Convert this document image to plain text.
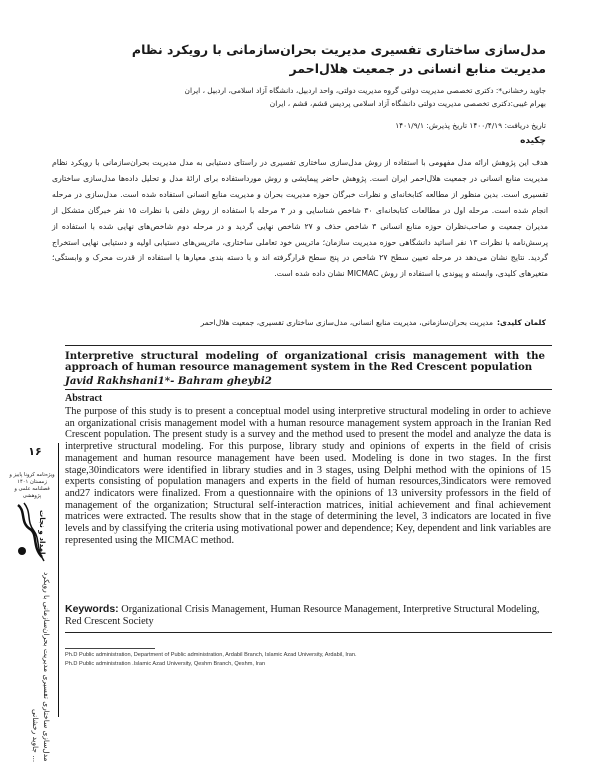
مدل‌سازی ساختاری تفسیری مدیریت بحران‌سازمانی با رویکرد نظام مدیریت منابع انسانی در جمعیت هلال‌احمر
جاوید رخشانی*: دکتری تخصصی مدیریت دولتی گروه مدیریت دولتی، واحد اردبیل، دانشگاه آزاد اسلامی، اردبیل ، ایران
بهرام غیبی:دکتری تخصصی مدیریت دولتی دانشگاه آزاد اسلامی پردیس قشم، قشم ، ایران
تاریخ دریافت: ۱۴۰۰/۴/۱۹ تاریخ پذیرش: ۱۴۰۱/۹/۱
چکیده
هدف این پژوهش ارائه مدل مفهومی با استفاده از روش مدل‌سازی ساختاری تفسیری در راستای دستیابی به مدل مدیریت بحران‌سازمانی با رویکرد نظام مدیریت منابع انسانی در جمعیت هلال‌احمر ایران است. پژوهش حاضر پیمایشی و روش مورداستفاده برای ارائهٔ مدل و تحلیل داده‌ها مدل‌سازی ساختاری تفسیری است. بدین منظور از مطالعه کتابخانه‌ای و نظرات خبرگان حوزه مدیریت بحران و مدیریت منابع انسانی استفاده شده است. مدل‌سازی در مرحله انجام شده است. مرحله اول در مطالعات کتابخانه‌ای ۳۰ شاخص شناسایی و در ۳ مرحله با استفاده از روش دلفی با نظرات ۱۵ نفر خبرگان متشکل از مدیران جمعیت و صاحب‌نظران حوزه منابع انسانی ۳ شاخص حذف و ۲۷ شاخص نهایی گردید و در مرحله دوم شاخص‌های نهایی شده با استفاده از پرسش‌نامه با نظرات ۱۳ نفر اساتید دانشگاهی حوزه مدیریت سازمان؛ ماتریس خود تعاملی ساختاری، ماتریس‌های دستیابی اولیه و دستیابی نهایی استخراج گردید. نتایج نشان می‌دهد در مرحله تعیین سطح ۲۷ شاخص در پنج سطح قرارگرفته اند و با دسته بندی معیارها با استفاده از قدرت محرک و وابستگی؛ متغیرهای کلیدی، وابسته و پیوندی با استفاده از روش MICMAC نشان داده شده است.
کلمان کلیدی:مدیریت بحران‌سازمانی، مدیریت منابع انسانی، مدل‌سازی ساختاری تفسیری، جمعیت هلال‌احمر
Interpretive structural modeling of organizational crisis management with the approach of human resource management system in the Red Crescent population
Javid Rakhshani1*- Bahram gheybi2
Abstract
The purpose of this study is to present a conceptual model using interpretive structural modeling in order to achieve an organizational crisis management model with a human resource management system approach in the Iranian Red Crescent population. The present study is a survey and the method used to present the model and analyze the data is interpretive structural modeling. For this purpose, library study and opinions of experts in the field of crisis management and human resource management have been used. Modeling is done in two stages. In the first stage,30indicators were identified in library studies and in 3 stages, using Delphi method with the opinions of 15 experts consisting of population managers and experts in the field of human resources,3indicators were removed and27 indicators were finalized. From a questionnaire with the opinions of 13 university professors in the field of management of the organization; Structural self-interaction matrices, initial achievement and final achievement matrices were extracted. The results show that in the stage of determining the level, 3 indicators are located in five levels and by classifying the criteria using motivational power and dependence; Key, dependent and link variables are represented using the MICMAC method.
Keywords: Organizational Crisis Management, Human Resource Management, Interpretive Structural Modeling, Red Crescent Society
Ph.D Public administration, Department of Public administration, Ardabil Branch, Islamic Azad University, Ardabil, Iran.
Ph.D Public administration .Islamic Azad University, Qeshm Branch, Qeshm, Iran
۱۶
ویژه‌نامه کرونا پاییز و زمستان ۱۴۰۱ فصلنامه علمی و پژوهشی
امداد و نجات
مدل‌سازی ساختاری تفسیری مدیریت بحران‌سازمانی با رویکرد ... جاوید رخشانی
